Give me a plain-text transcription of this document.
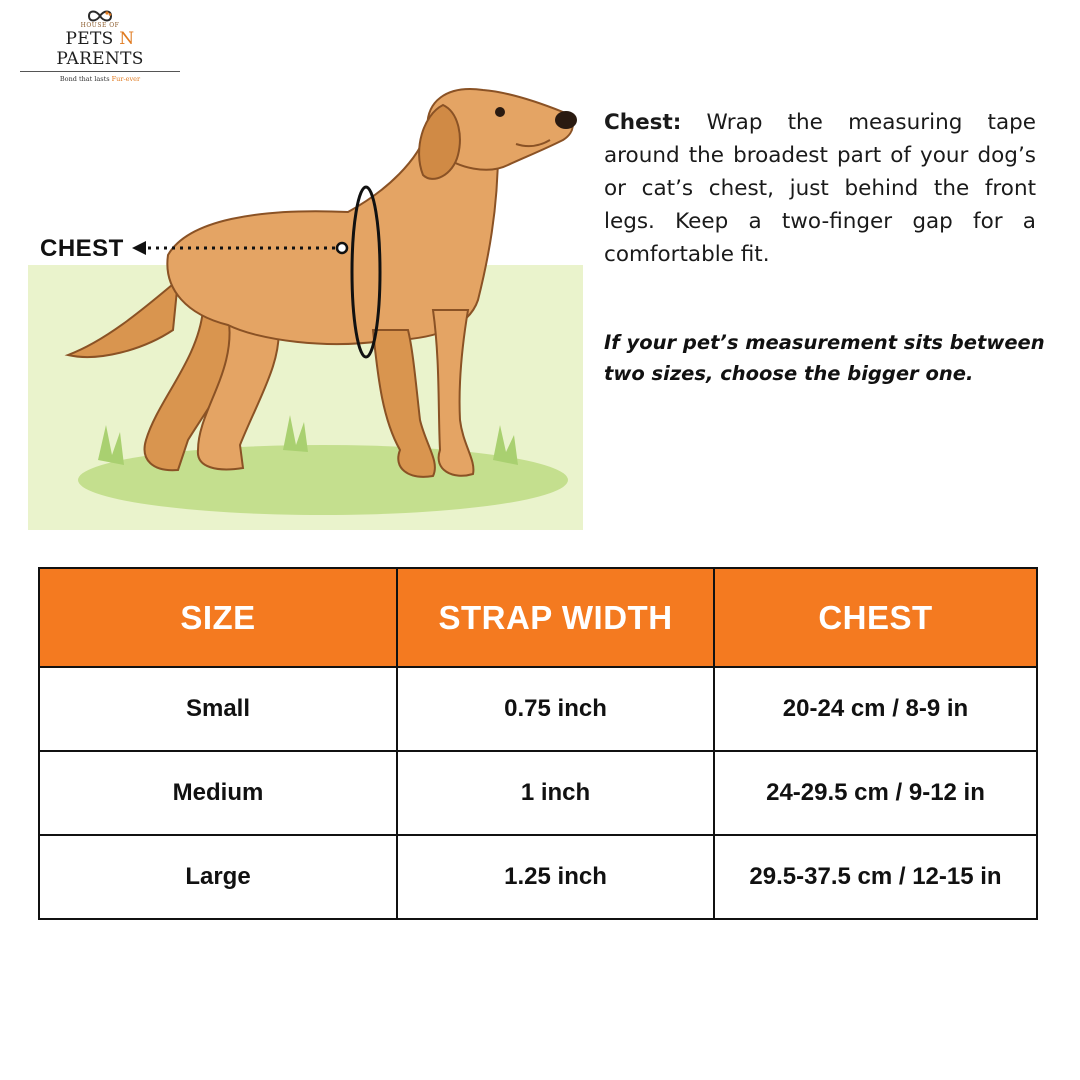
HOUSE OF
PETS N PARENTS
Bond that lasts Fur-ever
CHEST
Chest: Wrap the measuring tape around the broadest part of your dog’s or cat’s chest, just behind the front legs. Keep a two-finger gap for a comfortable fit.
If your pet’s measurement sits between two sizes, choose the bigger one.
SIZE	STRAP WIDTH	CHEST
Small	0.75 inch	20-24 cm / 8-9 in
Medium	1 inch	24-29.5 cm / 9-12 in
Large	1.25 inch	29.5-37.5 cm / 12-15 in
